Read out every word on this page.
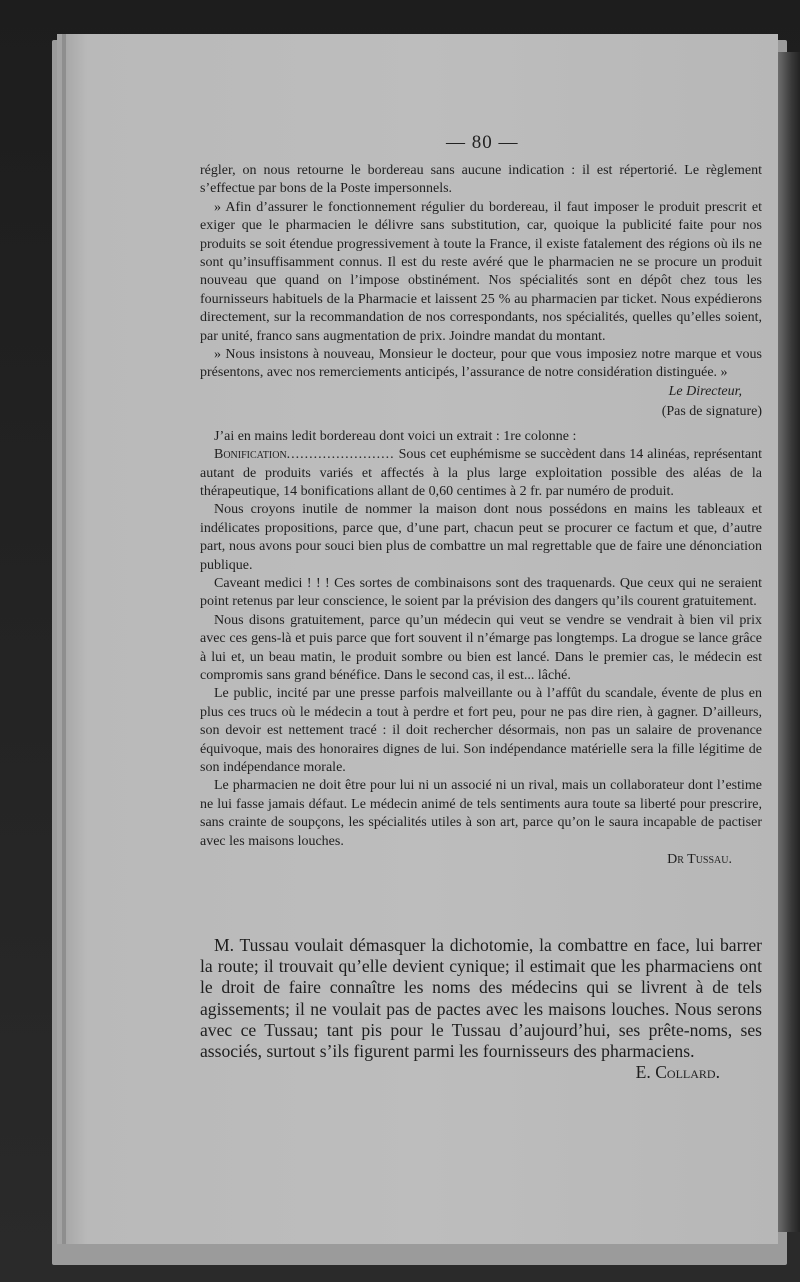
— 80 —

régler, on nous retourne le bordereau sans aucune indication : il est répertorié. Le règlement s’effectue par bons de la Poste impersonnels.

» Afin d’assurer le fonctionnement régulier du bordereau, il faut imposer le produit prescrit et exiger que le pharmacien le délivre sans substitution, car, quoique la publicité faite pour nos produits se soit étendue progressivement à toute la France, il existe fatalement des régions où ils ne sont qu’insuffisamment connus. Il est du reste avéré que le pharmacien ne se procure un produit nouveau que quand on l’impose obstinément. Nos spécialités sont en dépôt chez tous les fournisseurs habituels de la Pharmacie et laissent 25 % au pharmacien par ticket. Nous expédierons directement, sur la recommandation de nos correspondants, nos spécialités, quelles qu’elles soient, par unité, franco sans augmentation de prix. Joindre mandat du montant.

» Nous insistons à nouveau, Monsieur le docteur, pour que vous imposiez notre marque et vous présentons, avec nos remerciements anticipés, l’assurance de notre considération distinguée. »

Le Directeur,

(Pas de signature)

J’ai en mains ledit bordereau dont voici un extrait : 1re colonne :

Bonification........................ Sous cet euphémisme se succèdent dans 14 alinéas, représentant autant de produits variés et affectés à la plus large exploitation possible des aléas de la thérapeutique, 14 bonifications allant de 0,60 centimes à 2 fr. par numéro de produit.

Nous croyons inutile de nommer la maison dont nous possédons en mains les tableaux et indélicates propositions, parce que, d’une part, chacun peut se procurer ce factum et que, d’autre part, nous avons pour souci bien plus de combattre un mal regrettable que de faire une dénonciation publique.

Caveant medici ! ! ! Ces sortes de combinaisons sont des traquenards. Que ceux qui ne seraient point retenus par leur conscience, le soient par la prévision des dangers qu’ils courent gratuitement.

Nous disons gratuitement, parce qu’un médecin qui veut se vendre se vendrait à bien vil prix avec ces gens-là et puis parce que fort souvent il n’émarge pas longtemps. La drogue se lance grâce à lui et, un beau matin, le produit sombre ou bien est lancé. Dans le premier cas, le médecin est compromis sans grand bénéfice. Dans le second cas, il est... lâché.

Le public, incité par une presse parfois malveillante ou à l’affût du scandale, évente de plus en plus ces trucs où le médecin a tout à perdre et fort peu, pour ne pas dire rien, à gagner. D’ailleurs, son devoir est nettement tracé : il doit rechercher désormais, non pas un salaire de provenance équivoque, mais des honoraires dignes de lui. Son indépendance matérielle sera la fille légitime de son indépendance morale.

Le pharmacien ne doit être pour lui ni un associé ni un rival, mais un collaborateur dont l’estime ne lui fasse jamais défaut. Le médecin animé de tels sentiments aura toute sa liberté pour prescrire, sans crainte de soupçons, les spécialités utiles à son art, parce qu’on le saura incapable de pactiser avec les maisons louches.

Dr Tussau.

M. Tussau voulait démasquer la dichotomie, la combattre en face, lui barrer la route; il trouvait qu’elle devient cynique; il estimait que les pharmaciens ont le droit de faire connaître les noms des médecins qui se livrent à de tels agissements; il ne voulait pas de pactes avec les maisons louches. Nous serons avec ce Tussau; tant pis pour le Tussau d’aujourd’hui, ses prête-noms, ses associés, surtout s’ils figurent parmi les fournisseurs des pharmaciens.

E. Collard.
